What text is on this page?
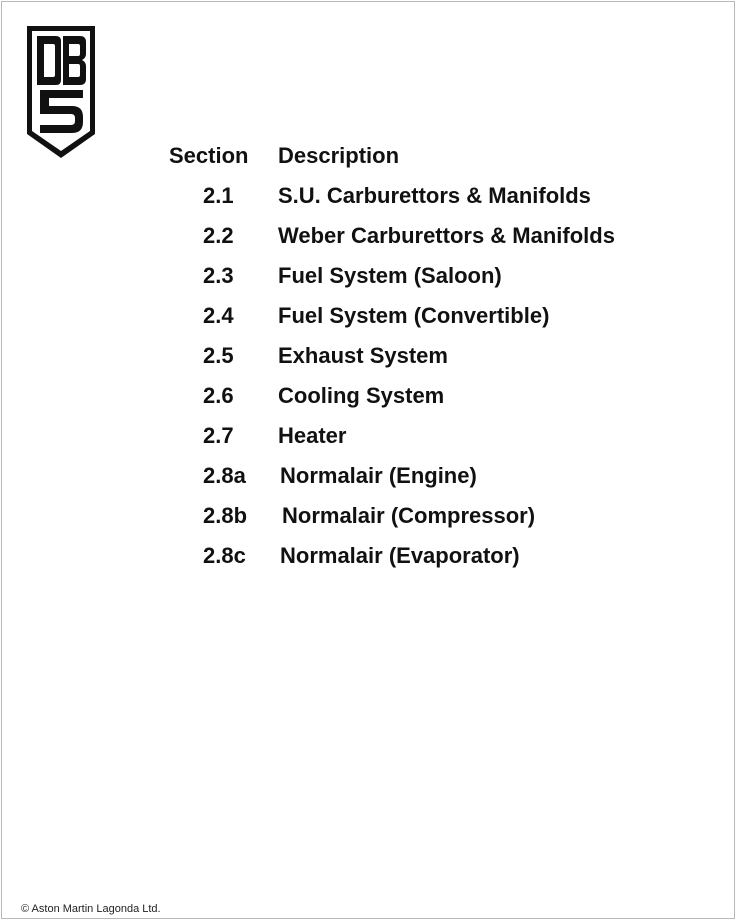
Section Description
2.1 S.U. Carburettors & Manifolds
2.2 Weber Carburettors & Manifolds
2.3 Fuel System (Saloon)
2.4 Fuel System (Convertible)
2.5 Exhaust System
2.6 Cooling System
2.7 Heater
2.8a Normalair (Engine)
2.8b Normalair (Compressor)
2.8c Normalair (Evaporator)
© Aston Martin Lagonda Ltd.
